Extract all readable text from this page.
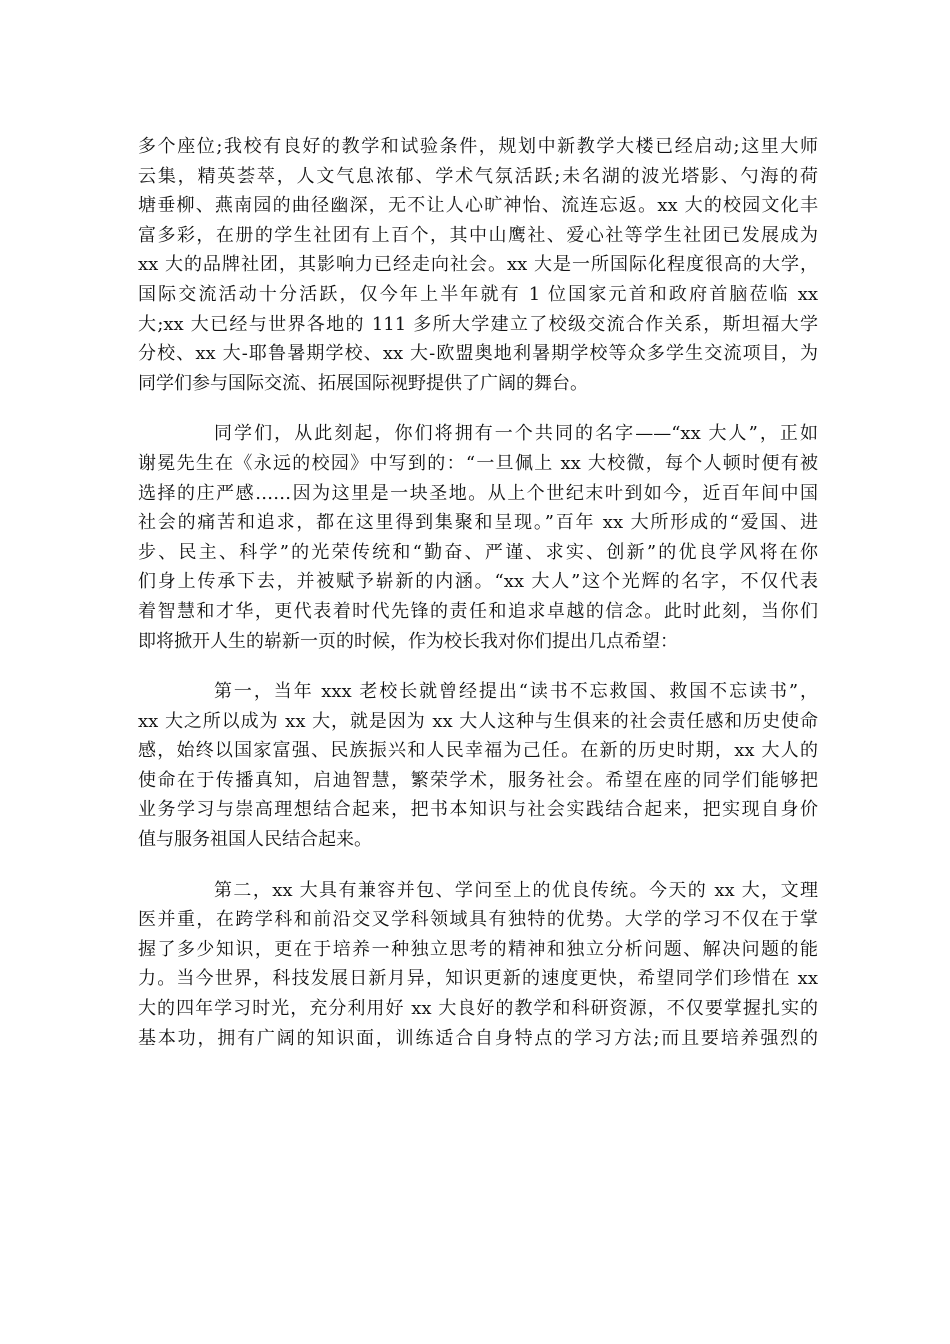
多个座位;我校有良好的教学和试验条件，规划中新教学大楼已经启动;这里大师
云集，精英荟萃，人文气息浓郁、学术气氛活跃;未名湖的波光塔影、勺海的荷
塘垂柳、燕南园的曲径幽深，无不让人心旷神怡、流连忘返。xx 大的校园文化丰
富多彩，在册的学生社团有上百个，其中山鹰社、爱心社等学生社团已发展成为
xx 大的品牌社团，其影响力已经走向社会。xx 大是一所国际化程度很高的大学，
国际交流活动十分活跃，仅今年上半年就有 1 位国家元首和政府首脑莅临 xx
大;xx 大已经与世界各地的 111 多所大学建立了校级交流合作关系，斯坦福大学
分校、xx 大-耶鲁暑期学校、xx 大-欧盟奥地利暑期学校等众多学生交流项目，为
同学们参与国际交流、拓展国际视野提供了广阔的舞台。
同学们，从此刻起，你们将拥有一个共同的名字——“xx 大人”，正如
谢冕先生在《永远的校园》中写到的：“一旦佩上 xx 大校微，每个人顿时便有被
选择的庄严感……因为这里是一块圣地。从上个世纪末叶到如今，近百年间中国
社会的痛苦和追求，都在这里得到集聚和呈现。”百年 xx 大所形成的“爱国、进
步、民主、科学”的光荣传统和“勤奋、严谨、求实、创新”的优良学风将在你
们身上传承下去，并被赋予崭新的内涵。“xx 大人”这个光辉的名字，不仅代表
着智慧和才华，更代表着时代先锋的责任和追求卓越的信念。此时此刻，当你们
即将掀开人生的崭新一页的时候，作为校长我对你们提出几点希望：
第一，当年 xxx 老校长就曾经提出“读书不忘救国、救国不忘读书”，
xx 大之所以成为 xx 大，就是因为 xx 大人这种与生俱来的社会责任感和历史使命
感，始终以国家富强、民族振兴和人民幸福为己任。在新的历史时期，xx 大人的
使命在于传播真知，启迪智慧，繁荣学术，服务社会。希望在座的同学们能够把
业务学习与崇高理想结合起来，把书本知识与社会实践结合起来，把实现自身价
值与服务祖国人民结合起来。
第二，xx 大具有兼容并包、学问至上的优良传统。今天的 xx 大，文理
医并重，在跨学科和前沿交叉学科领域具有独特的优势。大学的学习不仅在于掌
握了多少知识，更在于培养一种独立思考的精神和独立分析问题、解决问题的能
力。当今世界，科技发展日新月异，知识更新的速度更快，希望同学们珍惜在 xx
大的四年学习时光，充分利用好 xx 大良好的教学和科研资源，不仅要掌握扎实的
基本功，拥有广阔的知识面，训练适合自身特点的学习方法;而且要培养强烈的
